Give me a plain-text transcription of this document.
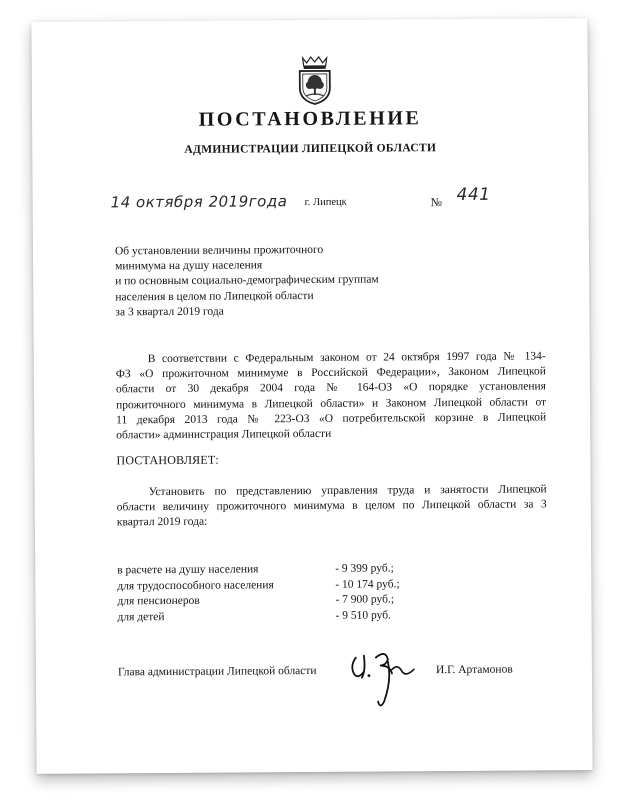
ПОСТАНОВЛЕНИЕ
АДМИНИСТРАЦИИ ЛИПЕЦКОЙ ОБЛАСТИ
14 октября 2019года г. Липецк	№ 441
Об установлении величины прожиточного
минимума на душу населения
и по основным социально-демографическим группам
населения в целом по Липецкой области
за 3 квартал 2019 года
В соответствии с Федеральным законом от 24 октября 1997 года № 134-
ФЗ «О прожиточном минимуме в Российской Федерации», Законом Липецкой
области от 30 декабря 2004 года № 164-ОЗ «О порядке установления
прожиточного минимума в Липецкой области» и Законом Липецкой области от
11 декабря 2013 года № 223-ОЗ «О потребительской корзине в Липецкой
области» администрация Липецкой области
ПОСТАНОВЛЯЕТ:
Установить по представлению управления труда и занятости Липецкой
области величину прожиточного минимума в целом по Липецкой области за 3
квартал 2019 года:
в расчете на душу населения	- 9 399 руб.;
для трудоспособного населения	- 10 174 руб.;
для пенсионеров	- 7 900 руб.;
для детей	- 9 510 руб.
Глава администрации Липецкой области	И.Г. Артамонов
